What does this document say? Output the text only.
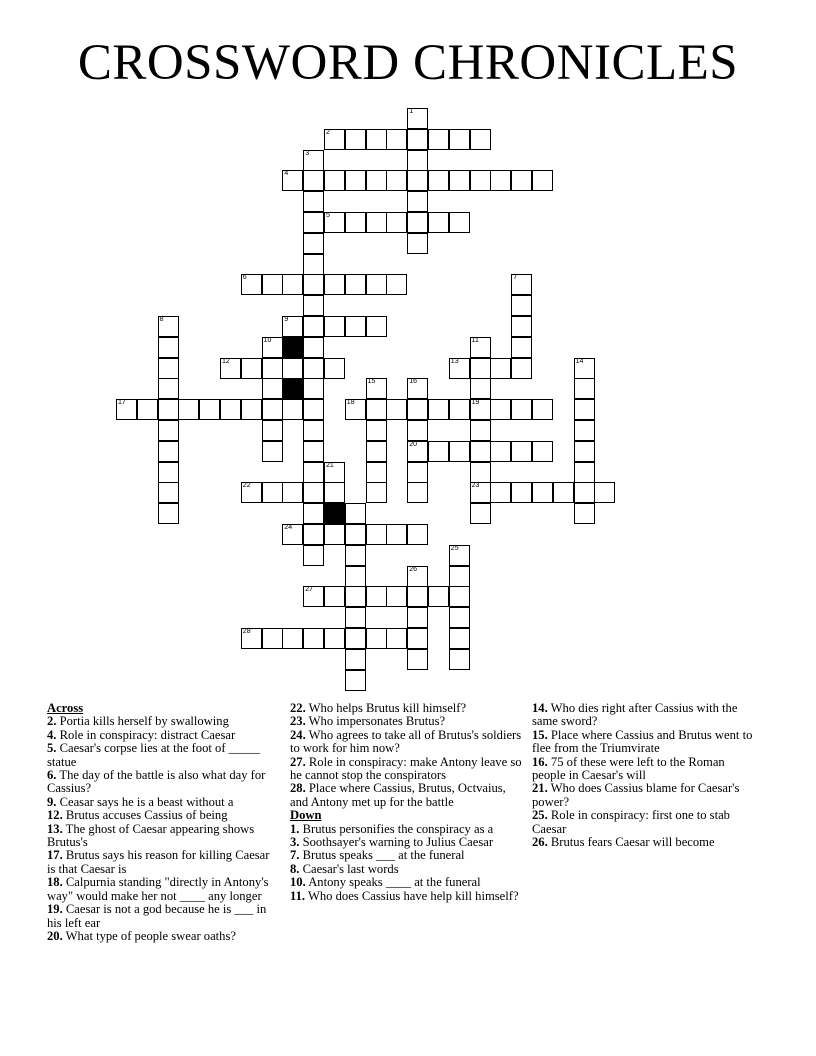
CROSSWORD CHRONICLES
1
2
3
4
5
6	7
8	9
10	11
12	13	14
15	16
17	18	19
20
21
22	23
24
25
26
27
28
Across
2. Portia kills herself by swallowing
4. Role in conspiracy: distract Caesar
5. Caesar's corpse lies at the foot of _____ statue
6. The day of the battle is also what day for Cassius?
9. Ceasar says he is a beast without a
12. Brutus accuses Cassius of being
13. The ghost of Caesar appearing shows Brutus's
17. Brutus says his reason for killing Caesar is that Caesar is
18. Calpurnia standing "directly in Antony's way" would make her not ____ any longer
19. Caesar is not a god because he is ___ in his left ear
20. What type of people swear oaths?
22. Who helps Brutus kill himself?
23. Who impersonates Brutus?
24. Who agrees to take all of Brutus's soldiers to work for him now?
27. Role in conspiracy: make Antony leave so he cannot stop the conspirators
28. Place where Cassius, Brutus, Octvaius, and Antony met up for the battle
Down
1. Brutus personifies the conspiracy as a
3. Soothsayer's warning to Julius Caesar
7. Brutus speaks ___ at the funeral
8. Caesar's last words
10. Antony speaks ____ at the funeral
11. Who does Cassius have help kill himself?
14. Who dies right after Cassius with the same sword?
15. Place where Cassius and Brutus went to flee from the Triumvirate
16. 75 of these were left to the Roman people in Caesar's will
21. Who does Cassius blame for Caesar's power?
25. Role in conspiracy: first one to stab Caesar
26. Brutus fears Caesar will become
